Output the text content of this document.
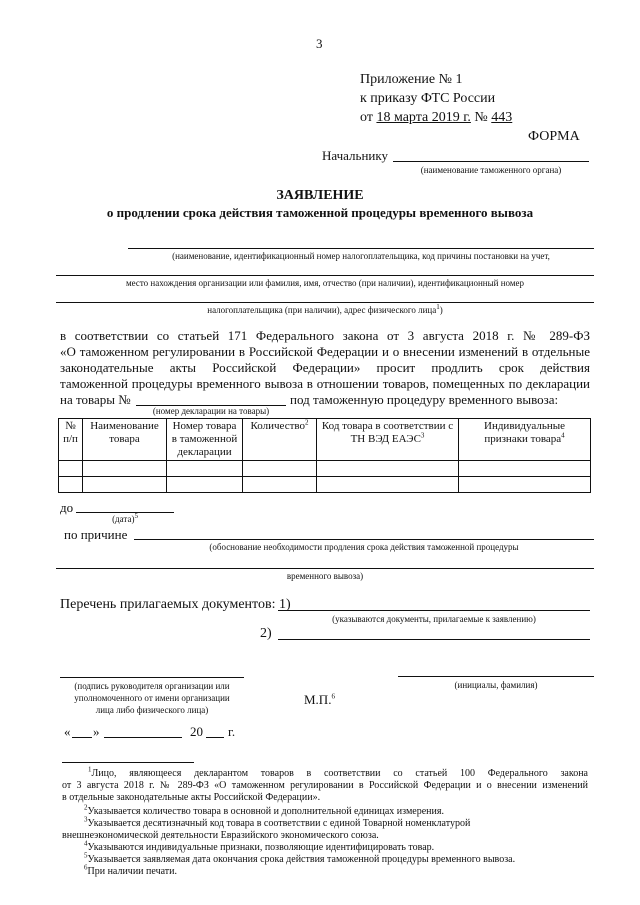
3
Приложение № 1
к приказу ФТС России
от 18 марта 2019 г. № 443
ФОРМА
Начальнику
(наименование таможенного органа)
ЗАЯВЛЕНИЕ
о продлении срока действия таможенной процедуры временного вывоза
(наименование, идентификационный номер налогоплательщика, код причины постановки на учет,
место нахождения организации или фамилия, имя, отчество (при наличии), идентификационный номер
налогоплательщика (при наличии), адрес физического лица$^1$)
в соответствии со статьей 171 Федерального закона от 3 августа 2018 г. № 289-ФЗ
«О таможенном регулировании в Российской Федерации и о внесении изменений в отдельные
законодательные акты Российской Федерации» просит продлить срок действия
таможенной процедуры временного вывоза в отношении товаров, помещенных по декларации
на товары №	под таможенную процедуру временного вывоза:
(номер декларации на товары)
№ п/п	Наименование товара	Номер товара в таможенной декларации	Количество$^2$	Код товара в соответствии с ТН ВЭД ЕАЭС$^3$	Индивидуальные признаки товара$^4$

до
(дата)$^5$
по причине
(обоснование необходимости продления срока действия таможенной процедуры
временного вывоза)
Перечень прилагаемых документов: 1)
(указываются документы, прилагаемые к заявлению)
2)
(подпись руководителя организации или
уполномоченного от имени организации
лица либо физического лица)
М.П.$^6$
(инициалы, фамилия)
« »	20 г.
$^1$Лицо, являющееся декларантом товаров в соответствии со статьей 100 Федерального закона
от 3 августа 2018 г. № 289-ФЗ «О таможенном регулировании в Российской Федерации и о внесении изменений
в отдельные законодательные акты Российской Федерации».
$^2$Указывается количество товара в основной и дополнительной единицах измерения.
$^3$Указывается десятизначный код товара в соответствии с единой Товарной номенклатурой
внешнеэкономической деятельности Евразийского экономического союза.
$^4$Указываются индивидуальные признаки, позволяющие идентифицировать товар.
$^5$Указывается заявляемая дата окончания срока действия таможенной процедуры временного вывоза.
$^6$При наличии печати.
